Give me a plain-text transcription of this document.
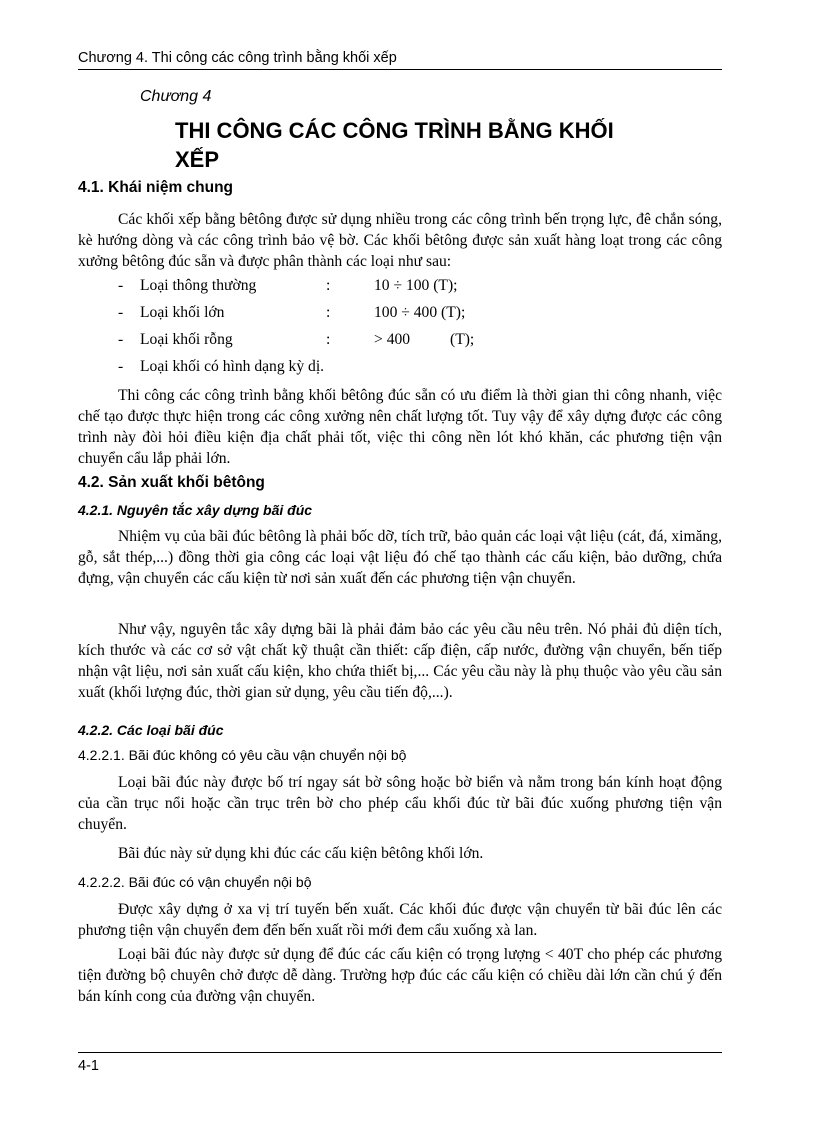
Chương 4. Thi công các công trình bằng khối xếp
Chương 4
THI CÔNG CÁC CÔNG TRÌNH BẰNG KHỐI
XẾP
4.1. Khái niệm chung

Các khối xếp bằng bêtông được sử dụng nhiều trong các công trình bến trọng lực, đê chắn sóng, kè hướng dòng và các công trình bảo vệ bờ. Các khối bêtông được sản xuất hàng loạt trong các công xưởng bêtông đúc sẵn và được phân thành các loại như sau:

- Loại thông thường	:	10 ÷ 100 (T);
- Loại khối lớn	:	100 ÷ 400 (T);
- Loại khối rỗng	:	> 400	(T);
- Loại khối có hình dạng kỳ dị.

Thi công các công trình bằng khối bêtông đúc sẵn có ưu điểm là thời gian thi công nhanh, việc chế tạo được thực hiện trong các công xưởng nên chất lượng tốt. Tuy vậy để xây dựng được các công trình này đòi hỏi điều kiện địa chất phải tốt, việc thi công nền lót khó khăn, các phương tiện vận chuyển cẩu lắp phải lớn.

4.2. Sản xuất khối bêtông
4.2.1. Nguyên tắc xây dựng bãi đúc

Nhiệm vụ của bãi đúc bêtông là phải bốc dỡ, tích trữ, bảo quản các loại vật liệu (cát, đá, ximăng, gỗ, sắt thép,...) đồng thời gia công các loại vật liệu đó chế tạo thành các cấu kiện, bảo dưỡng, chứa đựng, vận chuyển các cấu kiện từ nơi sản xuất đến các phương tiện vận chuyển.

Như vậy, nguyên tắc xây dựng bãi là phải đảm bảo các yêu cầu nêu trên. Nó phải đủ diện tích, kích thước và các cơ sở vật chất kỹ thuật cần thiết: cấp điện, cấp nước, đường vận chuyển, bến tiếp nhận vật liệu, nơi sản xuất cấu kiện, kho chứa thiết bị,... Các yêu cầu này là phụ thuộc vào yêu cầu sản xuất (khối lượng đúc, thời gian sử dụng, yêu cầu tiến độ,...).

4.2.2. Các loại bãi đúc
4.2.2.1. Bãi đúc không có yêu cầu vận chuyển nội bộ

Loại bãi đúc này được bố trí ngay sát bờ sông hoặc bờ biển và nằm trong bán kính hoạt động của cần trục nổi hoặc cần trục trên bờ cho phép cẩu khối đúc từ bãi đúc xuống phương tiện vận chuyển.

Bãi đúc này sử dụng khi đúc các cấu kiện bêtông khối lớn.

4.2.2.2. Bãi đúc có vận chuyển nội bộ

Được xây dựng ở xa vị trí tuyến bến xuất. Các khối đúc được vận chuyển từ bãi đúc lên các phương tiện vận chuyển đem đến bến xuất rồi mới đem cẩu xuống xà lan.

Loại bãi đúc này được sử dụng để đúc các cấu kiện có trọng lượng < 40T cho phép các phương tiện đường bộ chuyên chở được dễ dàng. Trường hợp đúc các cấu kiện có chiều dài lớn cần chú ý đến bán kính cong của đường vận chuyển.

4-1
